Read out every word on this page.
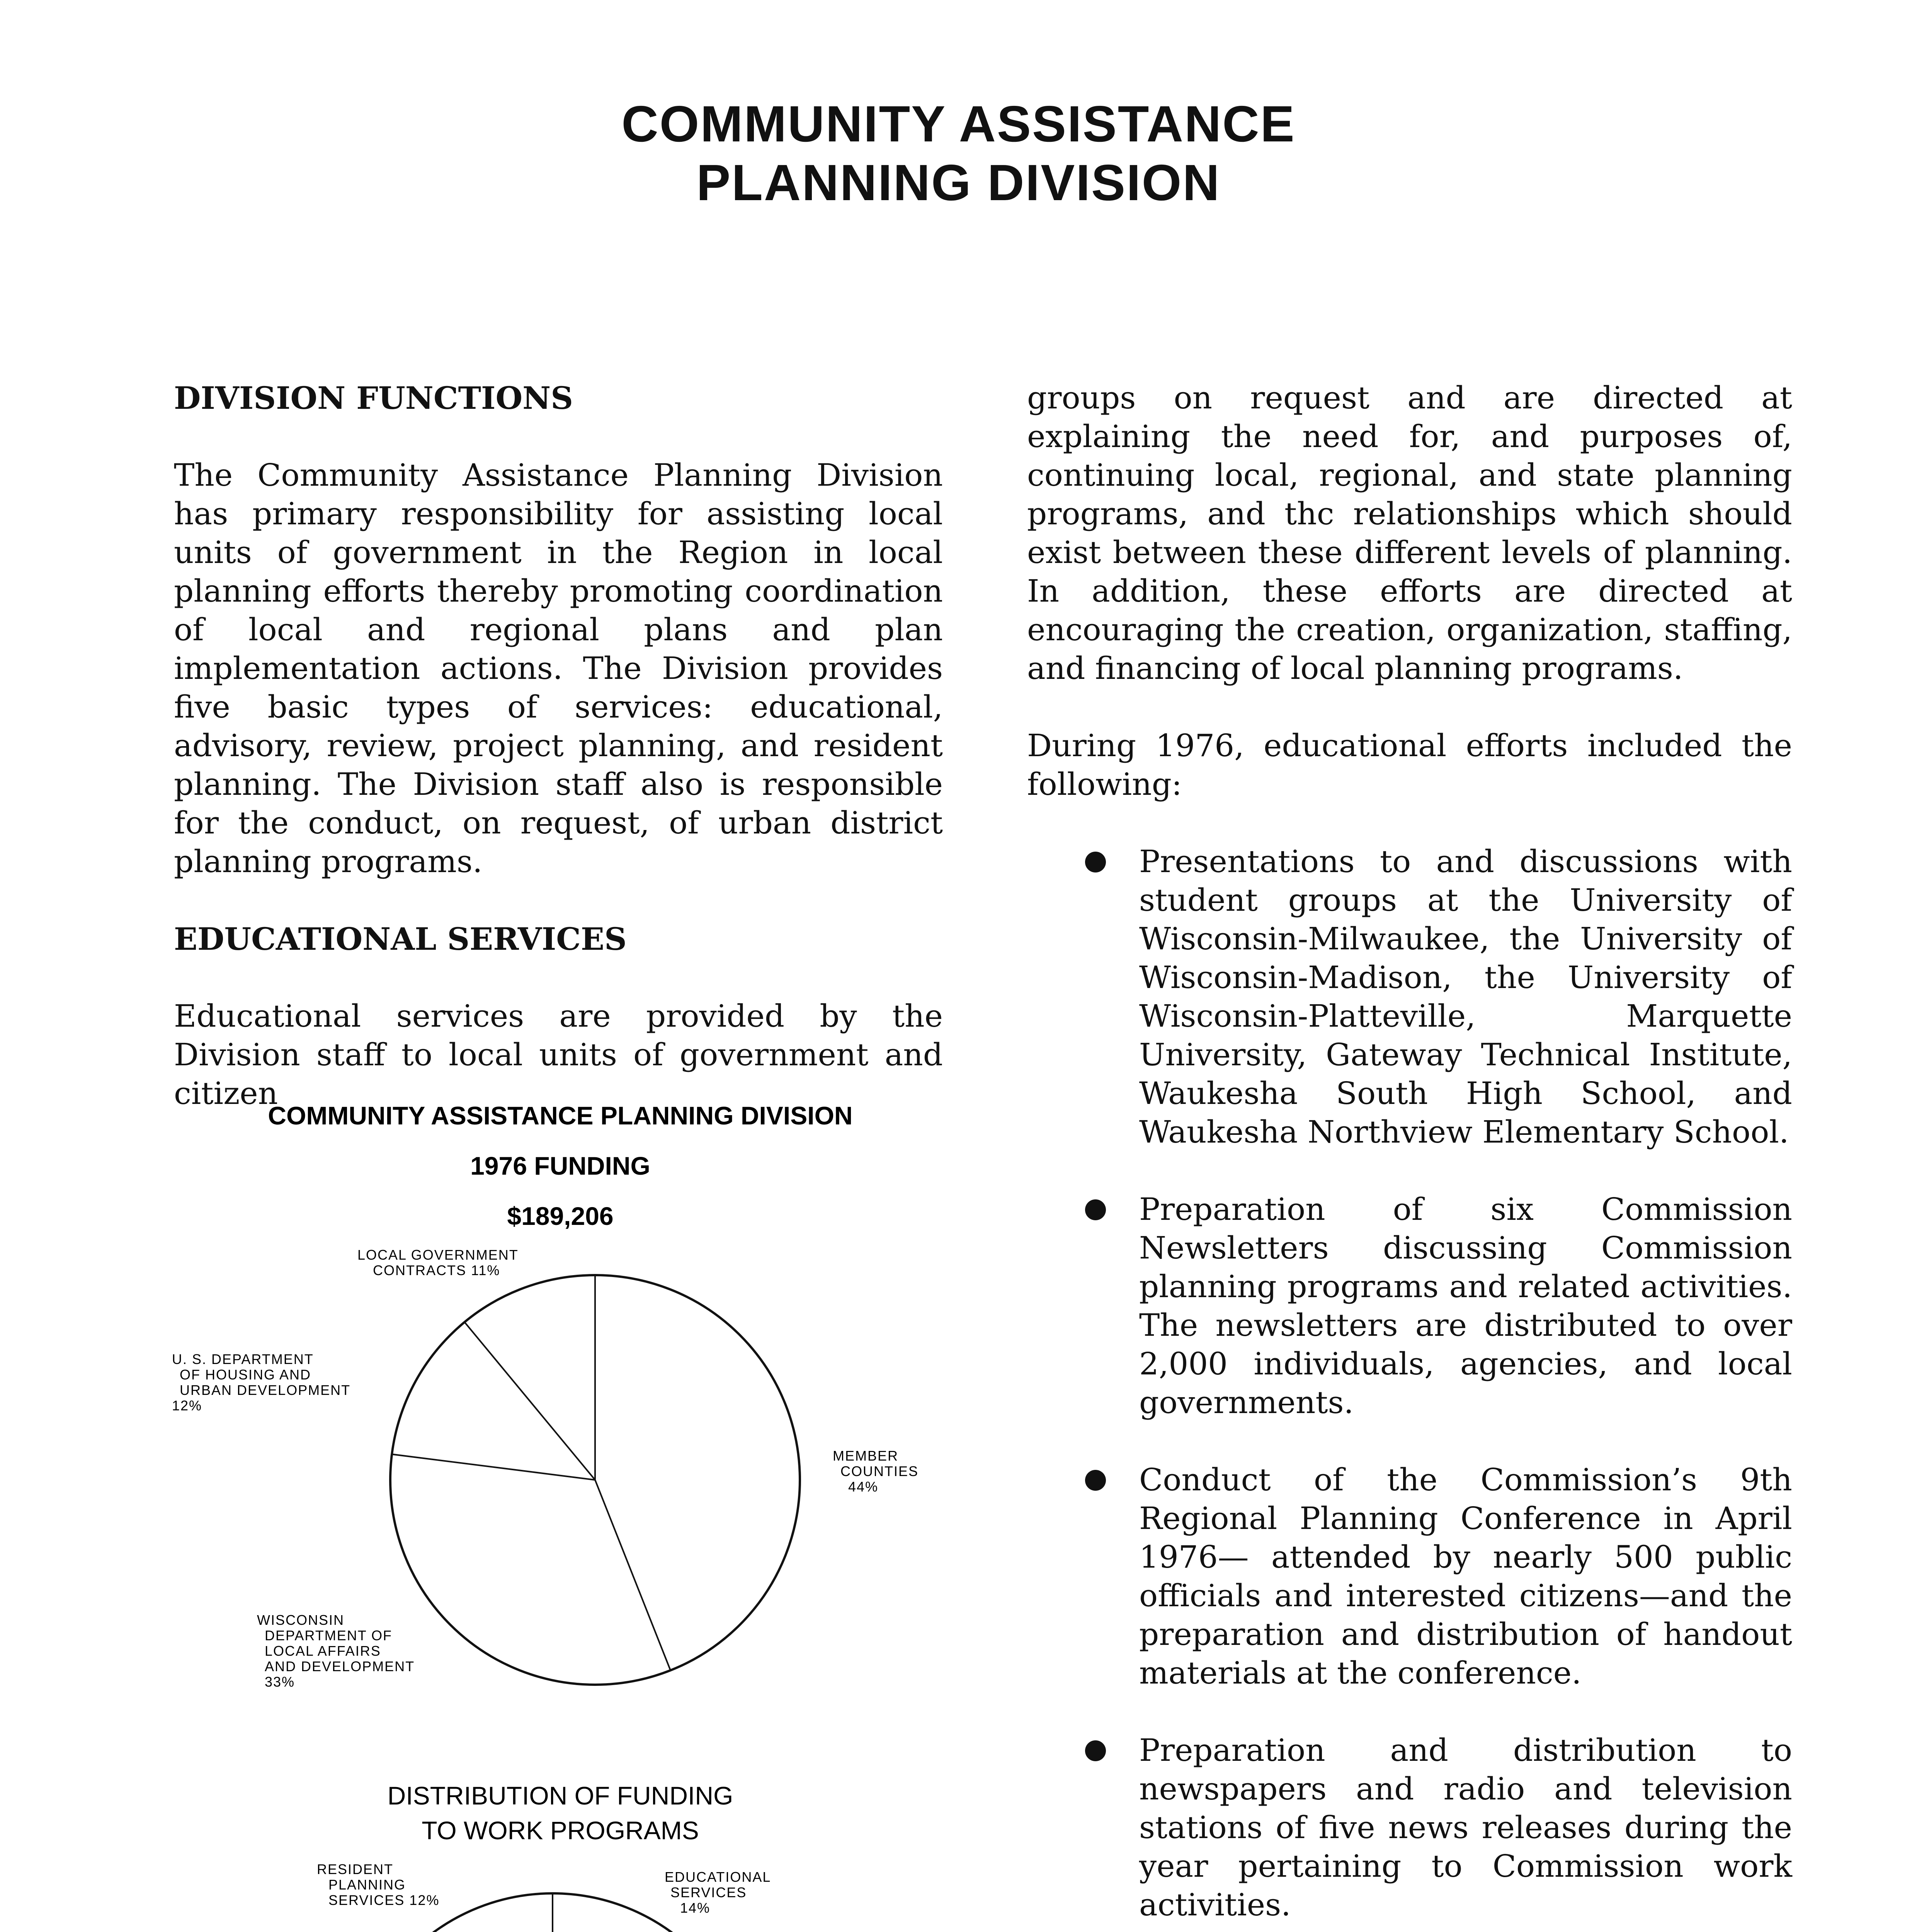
COMMUNITY ASSISTANCE
PLANNING DIVISION
DIVISION FUNCTIONS
The Community Assistance Planning Division has primary responsibility for assisting local units of government in the Region in local planning efforts thereby promoting coordination of local and regional plans and plan implementation actions. The Division provides five basic types of services: educational, advisory, review, project planning, and resident planning. The Division staff also is responsible for the conduct, on request, of urban district planning programs.
EDUCATIONAL SERVICES
Educational services are provided by the Division staff to local units of government and citizen
COMMUNITY ASSISTANCE PLANNING DIVISION
1976 FUNDING
$189,206
MEMBER COUNTIES 44%
WISCONSIN DEPARTMENT OF LOCAL AFFAIRS AND DEVELOPMENT 33%
U. S. DEPARTMENT OF HOUSING AND URBAN DEVELOPMENT 12%
LOCAL GOVERNMENT CONTRACTS 11%
DISTRIBUTION OF FUNDING
TO WORK PROGRAMS
EDUCATIONAL SERVICES 14%
RESIDENT PLANNING SERVICES 12%
groups on request and are directed at explaining the need for, and purposes of, continuing local, regional, and state planning programs, and thc relationships which should exist between these different levels of planning. In addition, these efforts are directed at encouraging the creation, organization, staffing, and financing of local planning programs.
During 1976, educational efforts included the following:
Presentations to and discussions with student groups at the University of Wisconsin-Milwaukee, the University of Wisconsin-Madison, the University of Wisconsin-Platteville, Marquette University, Gateway Technical Institute, Waukesha South High School, and Waukesha Northview Elementary School.
Preparation of six Commission Newsletters discussing Commission planning programs and related activities. The newsletters are distributed to over 2,000 individuals, agencies, and local governments.
Conduct of the Commission’s 9th Regional Planning Conference in April 1976— attended by nearly 500 public officials and interested citizens—and the preparation and distribution of handout materials at the conference.
Preparation and distribution to newspapers and radio and television stations of five news releases during the year pertaining to Commission work activities.
